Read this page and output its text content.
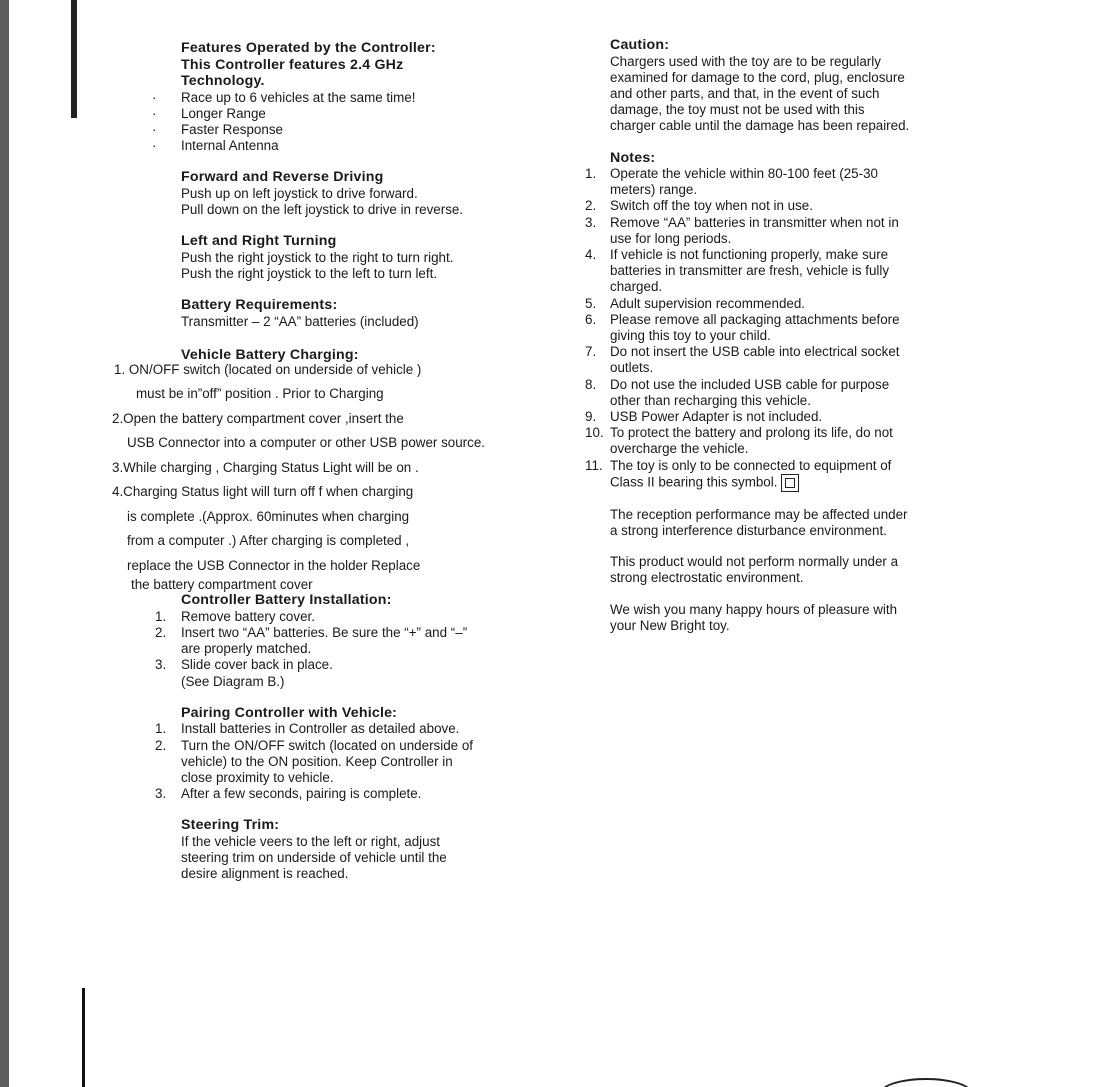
Features Operated by the Controller:
This Controller features 2.4 GHz
Technology.
·	Race up to 6 vehicles at the same time!
·	Longer Range
·	Faster Response
·	Internal Antenna
Forward and Reverse Driving
Push up on left joystick to drive forward.
Pull down on the left joystick to drive in reverse.
Left and Right Turning
Push the right joystick to the right to turn right.
Push the right joystick to the left to turn left.
Battery Requirements:
Transmitter – 2 “AA” batteries (included)
Vehicle Battery Charging:
1. ON/OFF switch (located on underside of vehicle )
must be in”off” position . Prior to Charging
2.Open the battery compartment cover ,insert the
USB Connector into a computer or other USB power source.
3.While charging , Charging Status Light will be on .
4.Charging Status light will turn off f when charging
is complete .(Approx. 60minutes when charging
from a computer .) After charging is completed ,
replace the USB Connector in the holder Replace
the battery compartment cover
Controller Battery Installation:
1.	Remove battery cover.
2.	Insert two “AA” batteries. Be sure the “+” and “–”
are properly matched.
3.	Slide cover back in place.
(See Diagram B.)
Pairing Controller with Vehicle:
1.	Install batteries in Controller as detailed above.
2.	Turn the ON/OFF switch (located on underside of
vehicle) to the ON position. Keep Controller in
close proximity to vehicle.
3.	After a few seconds, pairing is complete.
Steering Trim:
If the vehicle veers to the left or right, adjust
steering trim on underside of vehicle until the
desire alignment is reached.
Caution:
Chargers used with the toy are to be regularly
examined for damage to the cord, plug, enclosure
and other parts, and that, in the event of such
damage, the toy must not be used with this
charger cable until the damage has been repaired.
Notes:
1.	Operate the vehicle within 80-100 feet (25-30
meters) range.
2.	Switch off the toy when not in use.
3.	Remove “AA” batteries in transmitter when not in
use for long periods.
4.	If vehicle is not functioning properly, make sure
batteries in transmitter are fresh, vehicle is fully
charged.
5.	Adult supervision recommended.
6.	Please remove all packaging attachments before
giving this toy to your child.
7.	Do not insert the USB cable into electrical socket
outlets.
8.	Do not use the included USB cable for purpose
other than recharging this vehicle.
9.	USB Power Adapter is not included.
10. To protect the battery and prolong its life, do not
overcharge the vehicle.
11. The toy is only to be connected to equipment of
Class II bearing this symbol.
The reception performance may be affected under
a strong interference disturbance environment.
This product would not perform normally under a
strong electrostatic environment.
We wish you many happy hours of pleasure with
your New Bright toy.
